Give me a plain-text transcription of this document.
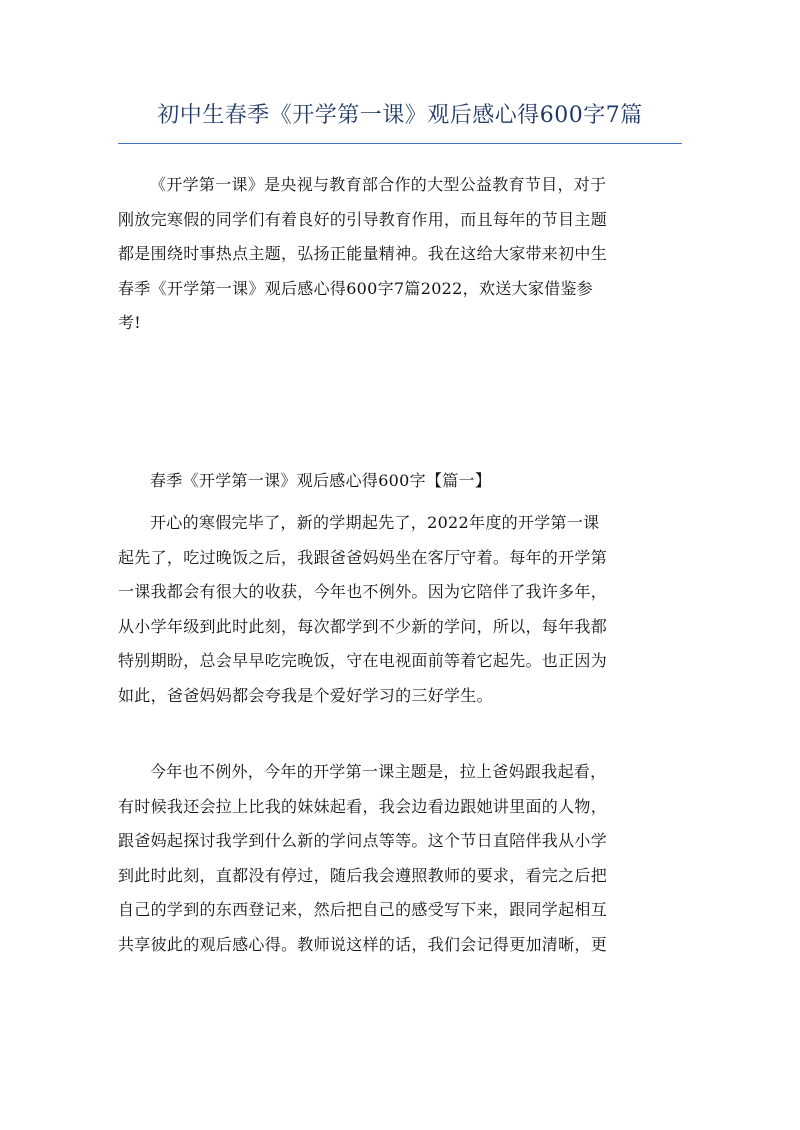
初中生春季《开学第一课》观后感心得600字7篇

《开学第一课》是央视与教育部合作的大型公益教育节目，对于
刚放完寒假的同学们有着良好的引导教育作用，而且每年的节目主题
都是围绕时事热点主题，弘扬正能量精神。我在这给大家带来初中生
春季《开学第一课》观后感心得600字7篇2022，欢送大家借鉴参
考!

春季《开学第一课》观后感心得600字【篇一】

开心的寒假完毕了，新的学期起先了，2022年度的开学第一课
起先了，吃过晚饭之后，我跟爸爸妈妈坐在客厅守着。每年的开学第
一课我都会有很大的收获，今年也不例外。因为它陪伴了我许多年，
从小学年级到此时此刻，每次都学到不少新的学问，所以，每年我都
特别期盼，总会早早吃完晚饭，守在电视面前等着它起先。也正因为
如此，爸爸妈妈都会夸我是个爱好学习的三好学生。

今年也不例外，今年的开学第一课主题是，拉上爸妈跟我起看，
有时候我还会拉上比我的妹妹起看，我会边看边跟她讲里面的人物，
跟爸妈起探讨我学到什么新的学问点等等。这个节日直陪伴我从小学
到此时此刻，直都没有停过，随后我会遵照教师的要求，看完之后把
自己的学到的东西登记来，然后把自己的感受写下来，跟同学起相互
共享彼此的观后感心得。教师说这样的话，我们会记得更加清晰，更
